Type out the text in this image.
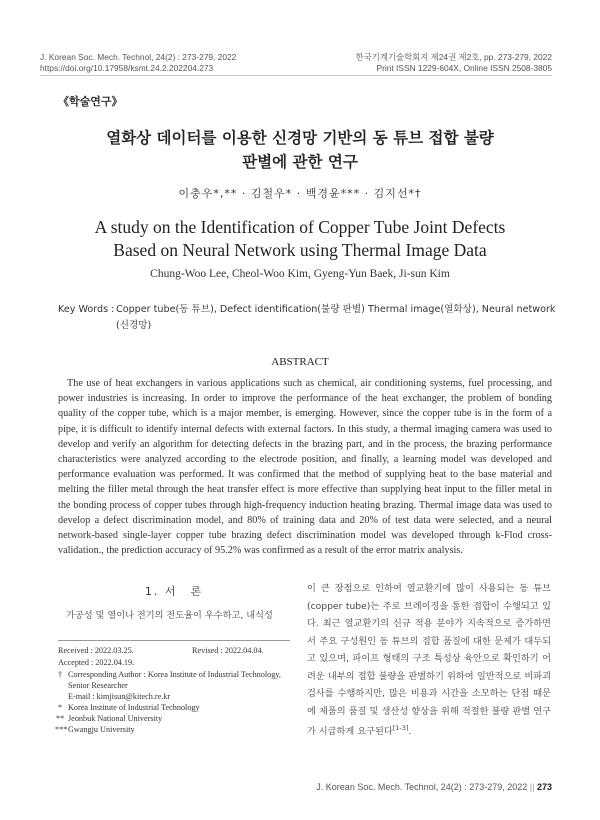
J. Korean Soc. Mech. Technol, 24(2) : 273-279, 2022
https://doi.org/10.17958/ksmt.24.2.202204.273
한국기계기술학회지 제24권 제2호, pp. 273-279, 2022
Print ISSN 1229-604X, Online ISSN 2508-3805
《학술연구》
열화상 데이터를 이용한 신경망 기반의 동 튜브 접합 불량
판별에 관한 연구
이충우*,** · 김철우* · 백경윤*** · 김지선*†
A study on the Identification of Copper Tube Joint Defects
Based on Neural Network using Thermal Image Data
Chung-Woo Lee, Cheol-Woo Kim, Gyeng-Yun Baek, Ji-sun Kim
Key Words : Copper tube(동 튜브), Defect identification(불량 판별) Thermal image(열화상), Neural network (신경망)
ABSTRACT

The use of heat exchangers in various applications such as chemical, air conditioning systems, fuel processing, and power industries is increasing. In order to improve the performance of the heat exchanger, the problem of bonding quality of the copper tube, which is a major member, is emerging. However, since the copper tube is in the form of a pipe, it is difficult to identify internal defects with external factors. In this study, a thermal imaging camera was used to develop and verify an algorithm for detecting defects in the brazing part, and in the process, the brazing performance characteristics were analyzed according to the electrode position, and finally, a learning model was developed and performance evaluation was performed. It was confirmed that the method of supplying heat to the base material and melting the filler metal through the heat transfer effect is more effective than supplying heat input to the filler metal in the bonding process of copper tubes through high-frequency induction heating brazing. Thermal image data was used to develop a defect discrimination model, and 80% of training data and 20% of test data were selected, and a neural network-based single-layer copper tube brazing defect discrimination model was developed through k-Flod cross-validation., the prediction accuracy of 95.2% was confirmed as a result of the error matrix analysis.

1. 서　론

가공성 및 열이나 전기의 전도율이 우수하고, 내식성

Received : 2022.03.25.	Revised : 2022.04.04.
Accepted : 2022.04.19.
† Corresponding Author : Korea Institute of Industrial Technology,
Senior Researcher
E-mail : kimjisun@kitech.re.kr
* Korea Institute of Industrial Technology
** Jeonbuk National University
*** Gwangju University

이 큰 장점으로 인하여 열교환기에 많이 사용되는 동 튜브(copper tube)는 주로 브레이징을 통한 접합이 수행되고 있다. 최근 열교환기의 신규 적용 분야가 지속적으로 증가하면서 주요 구성원인 동 튜브의 접합 품질에 대한 문제가 대두되고 있으며, 파이프 형태의 구조 특성상 육안으로 확인하기 어려운 내부의 접합 불량을 판별하기 위하여 일반적으로 비파괴검사를 수행하지만, 많은 비용과 시간을 소모하는 단점 때문에 제품의 품질 및 생산성 향상을 위해 적절한 불량 판별 연구가 시급하게 요구된다[1-3].

J. Korean Soc. Mech. Technol, 24(2) : 273-279, 2022 || 273
